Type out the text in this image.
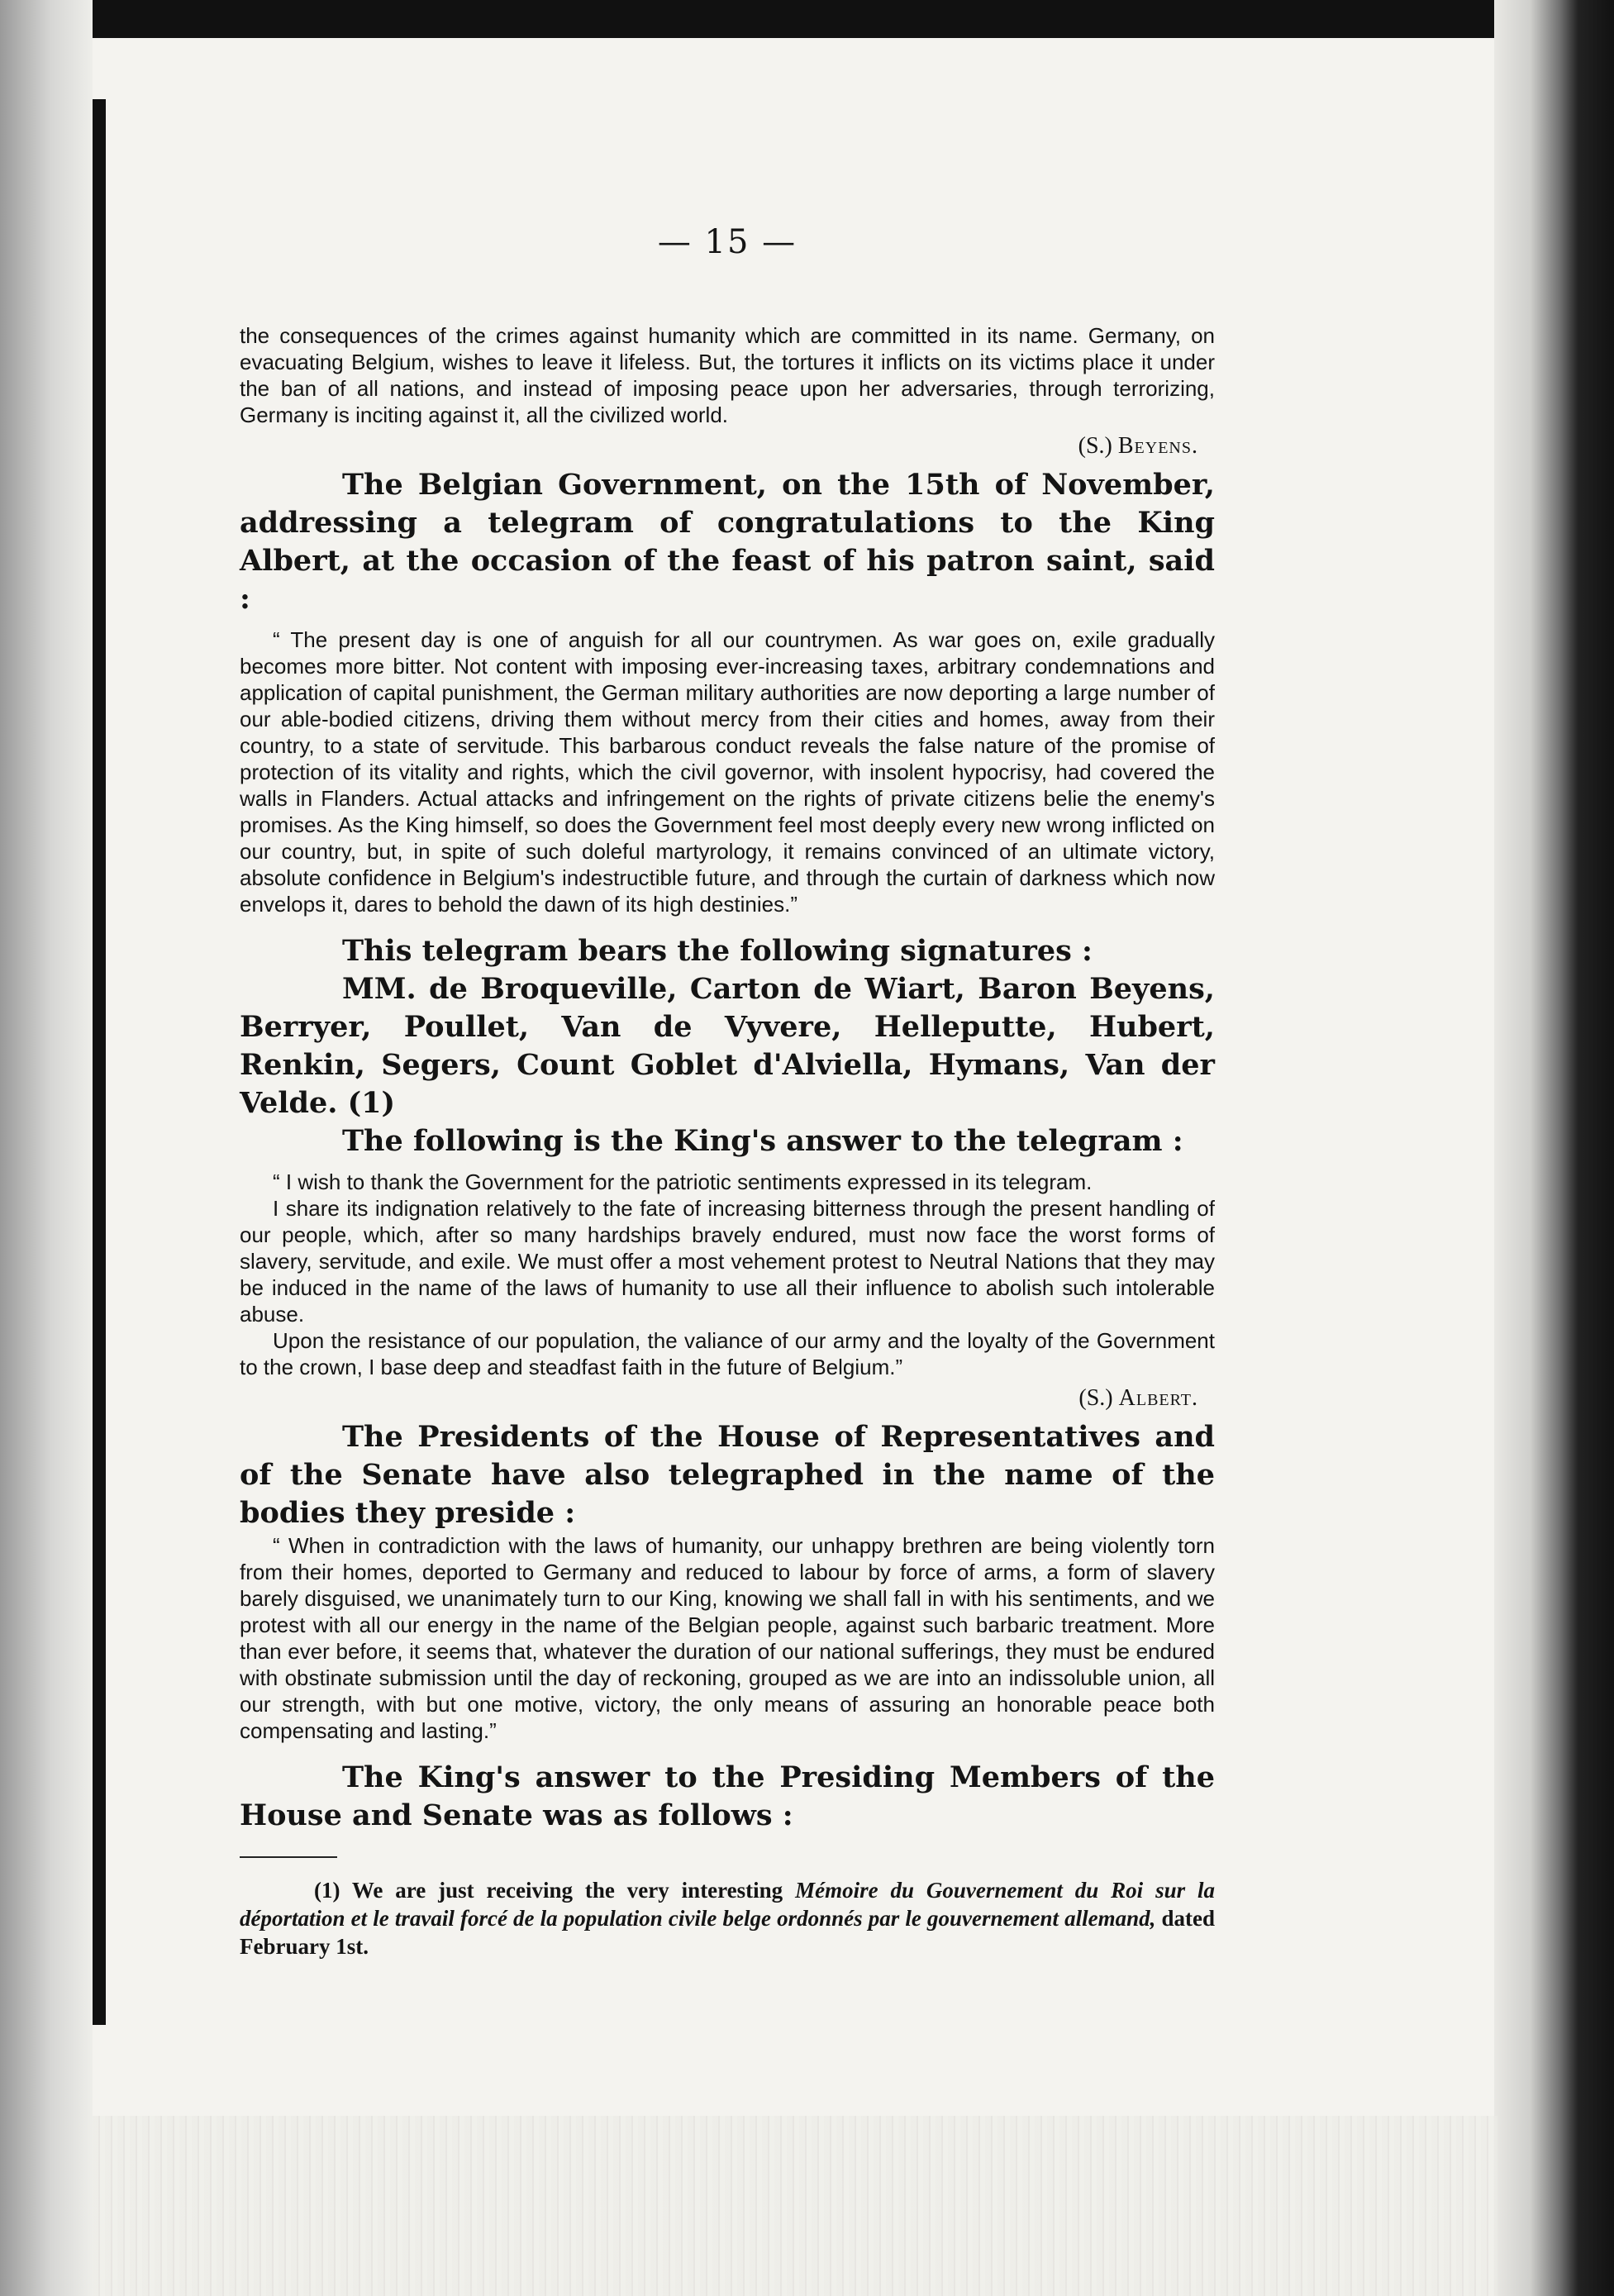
— 15 —

the consequences of the crimes against humanity which are committed in its name. Germany, on evacuating Belgium, wishes to leave it lifeless. But, the tortures it inflicts on its victims place it under the ban of all nations, and instead of imposing peace upon her adversaries, through terrorizing, Germany is inciting against it, all the civilized world.

(S.) Beyens.

The Belgian Government, on the 15th of November, addressing a telegram of congratulations to the King Albert, at the occasion of the feast of his patron saint, said :

“ The present day is one of anguish for all our countrymen. As war goes on, exile gradually becomes more bitter. Not content with imposing ever-increasing taxes, arbitrary condemnations and application of capital punishment, the German military authorities are now deporting a large number of our able-bodied citizens, driving them without mercy from their cities and homes, away from their country, to a state of servitude. This barbarous conduct reveals the false nature of the promise of protection of its vitality and rights, which the civil governor, with insolent hypocrisy, had covered the walls in Flanders. Actual attacks and infringement on the rights of private citizens belie the enemy's promises. As the King himself, so does the Government feel most deeply every new wrong inflicted on our country, but, in spite of such doleful martyrology, it remains convinced of an ultimate victory, absolute confidence in Belgium's indestructible future, and through the curtain of darkness which now envelops it, dares to behold the dawn of its high destinies.”

This telegram bears the following signatures :

MM. de Broqueville, Carton de Wiart, Baron Beyens, Berryer, Poullet, Van de Vyvere, Helleputte, Hubert, Renkin, Segers, Count Goblet d'Alviella, Hymans, Van der Velde. (1)

The following is the King's answer to the telegram :

“ I wish to thank the Government for the patriotic sentiments expressed in its telegram.

I share its indignation relatively to the fate of increasing bitterness through the present handling of our people, which, after so many hardships bravely endured, must now face the worst forms of slavery, servitude, and exile. We must offer a most vehement protest to Neutral Nations that they may be induced in the name of the laws of humanity to use all their influence to abolish such intolerable abuse.

Upon the resistance of our population, the valiance of our army and the loyalty of the Government to the crown, I base deep and steadfast faith in the future of Belgium.”

(S.) Albert.

The Presidents of the House of Representatives and of the Senate have also telegraphed in the name of the bodies they preside :

“ When in contradiction with the laws of humanity, our unhappy brethren are being violently torn from their homes, deported to Germany and reduced to labour by force of arms, a form of slavery barely disguised, we unanimately turn to our King, knowing we shall fall in with his sentiments, and we protest with all our energy in the name of the Belgian people, against such barbaric treatment. More than ever before, it seems that, whatever the duration of our national sufferings, they must be endured with obstinate submission until the day of reckoning, grouped as we are into an indissoluble union, all our strength, with but one motive, victory, the only means of assuring an honorable peace both compensating and lasting.”

The King's answer to the Presiding Members of the House and Senate was as follows :

(1) We are just receiving the very interesting Mémoire du Gouvernement du Roi sur la déportation et le travail forcé de la population civile belge ordonnés par le gouvernement allemand, dated February 1st.
